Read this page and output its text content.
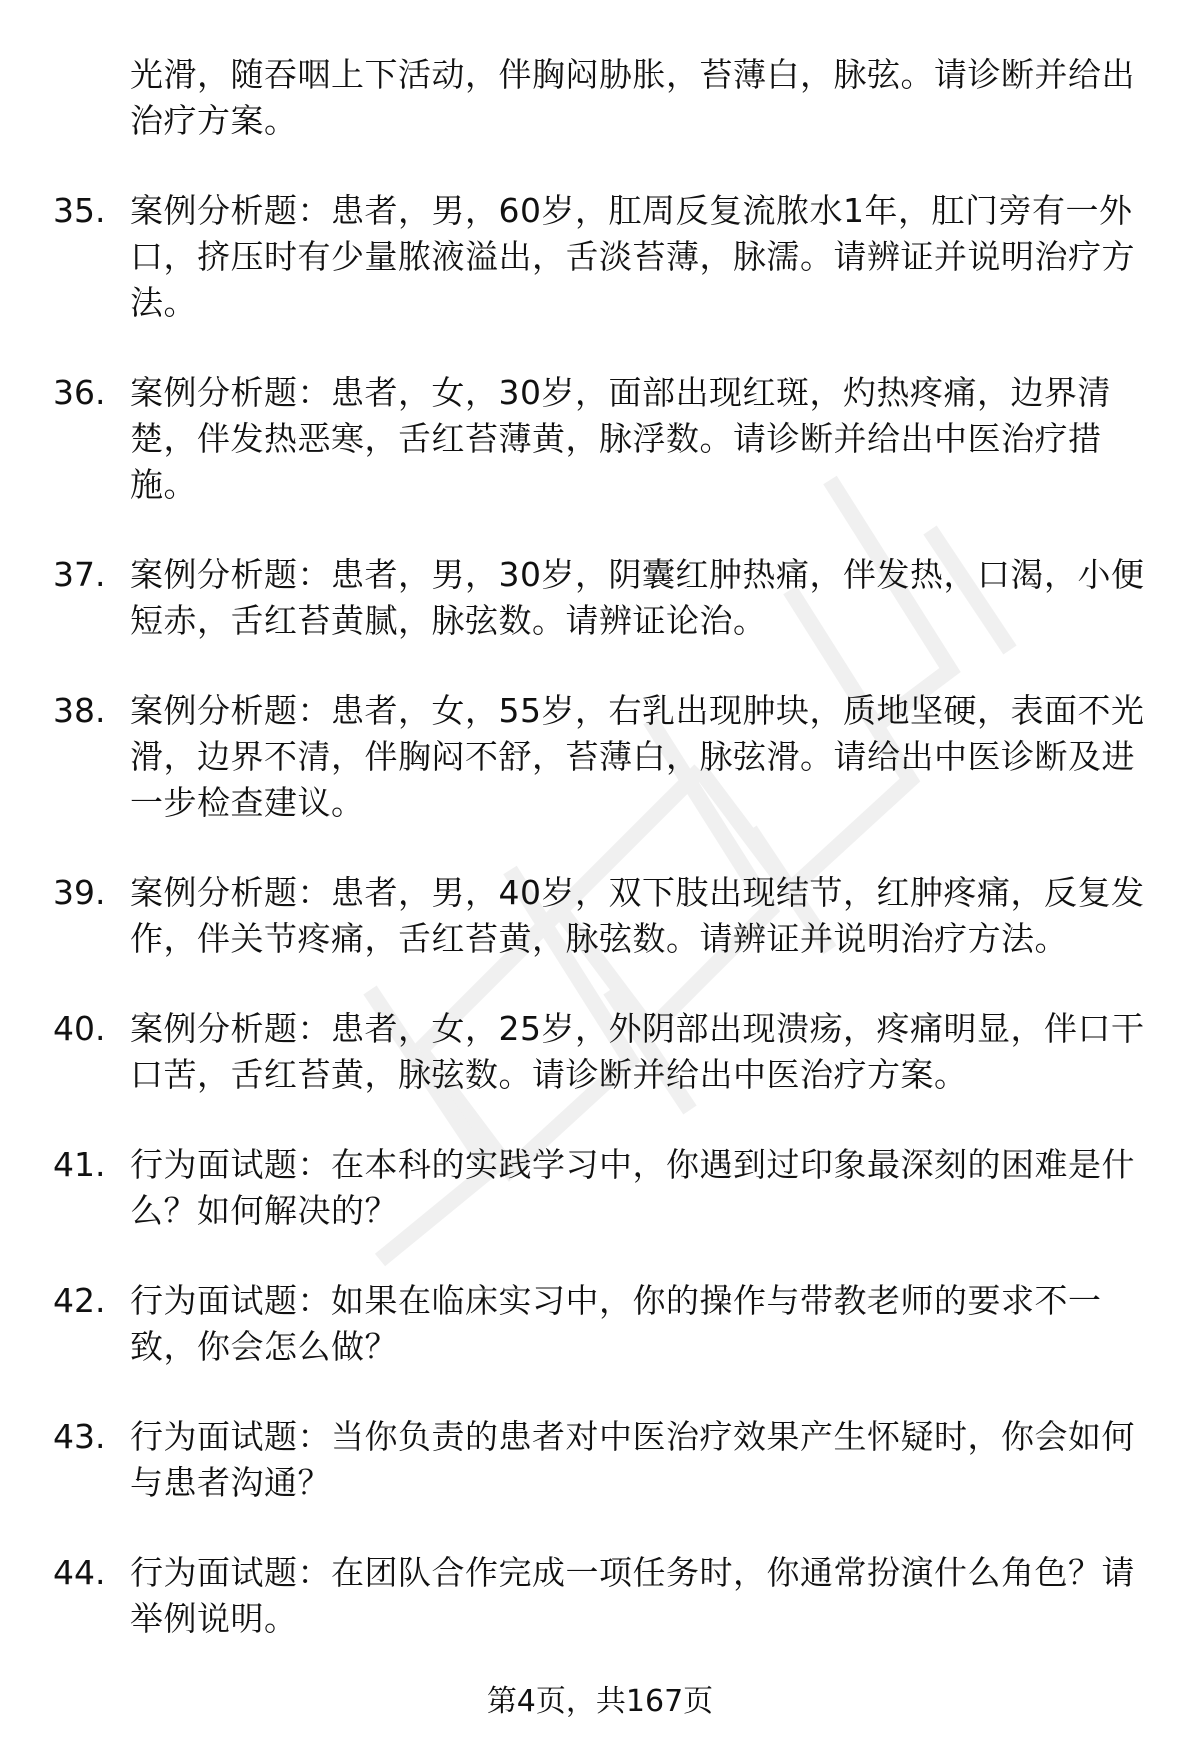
光滑，随吞咽上下活动，伴胸闷胁胀，苔薄白，脉弦。请诊断并给出治疗方案。
35. 案例分析题：患者，男，60岁，肛周反复流脓水1年，肛门旁有一外口，挤压时有少量脓液溢出，舌淡苔薄，脉濡。请辨证并说明治疗方法。
36. 案例分析题：患者，女，30岁，面部出现红斑，灼热疼痛，边界清楚，伴发热恶寒，舌红苔薄黄，脉浮数。请诊断并给出中医治疗措施。
37. 案例分析题：患者，男，30岁，阴囊红肿热痛，伴发热，口渴，小便短赤，舌红苔黄腻，脉弦数。请辨证论治。
38. 案例分析题：患者，女，55岁，右乳出现肿块，质地坚硬，表面不光滑，边界不清，伴胸闷不舒，苔薄白，脉弦滑。请给出中医诊断及进一步检查建议。
39. 案例分析题：患者，男，40岁，双下肢出现结节，红肿疼痛，反复发作，伴关节疼痛，舌红苔黄，脉弦数。请辨证并说明治疗方法。
40. 案例分析题：患者，女，25岁，外阴部出现溃疡，疼痛明显，伴口干口苦，舌红苔黄，脉弦数。请诊断并给出中医治疗方案。
41. 行为面试题：在本科的实践学习中，你遇到过印象最深刻的困难是什么？如何解决的？
42. 行为面试题：如果在临床实习中，你的操作与带教老师的要求不一致，你会怎么做？
43. 行为面试题：当你负责的患者对中医治疗效果产生怀疑时，你会如何与患者沟通？
44. 行为面试题：在团队合作完成一项任务时，你通常扮演什么角色？请举例说明。
第4页，共167页
